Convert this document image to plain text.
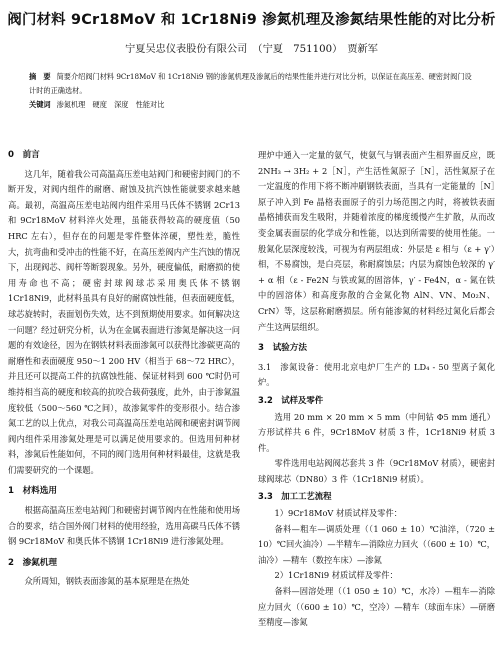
阀门材料 9Cr18MoV 和 1Cr18Ni9 渗氮机理及渗氮结果性能的对比分析
宁夏吴忠仪表股份有限公司　（宁夏　751100）　贾新军
摘　要 简要介绍阀门材料 9Cr18MoV 和 1Cr18Ni9 钢的渗氮机理及渗氮后的结果性能并进行对比分析，以保证在高压差、硬密封阀门设计时的正确选材。
关键词 渗氮机理　硬度　深度　性能对比
0　前言

这几年，随着我公司高温高压差电站阀门和硬密封阀门的不断开发，对阀内组件的耐磨、耐蚀及抗汽蚀性能就要求越来越高。最初，高温高压差电站阀内组件采用马氏体不锈钢 2Cr13 和 9Cr18MoV 材料淬火处理，虽能获得较高的硬度值（50 HRC 左右），但存在的问题是零件整体淬硬，塑性差，脆性大，抗弯曲和受冲击的性能不好，在高压差阀内产生汽蚀的情况下，出现阀芯、阀杆等断裂现象。另外，硬度偏低，耐磨损的使用寿命也不高；硬密封球阀球芯采用奥氏体不锈钢 1Cr18Ni9，此材料虽具有良好的耐腐蚀性能，但表面硬度低，球芯旋转时，表面划伤失效，达不到预期使用要求。如何解决这一问题？经过研究分析，认为在金属表面进行渗氮是解决这一问题的有效途径，因为在钢铁材料表面渗氮可以获得比渗碳更高的耐磨性和表面硬度 950～1 200 HV（相当于 68～72 HRC），并且还可以提高工件的抗腐蚀性能、保证材料到 600 ℃时仍可维持相当高的硬度和较高的抗咬合载荷强度，此外，由于渗氮温度较低（500～560 ℃之间），故渗氮零件的变形很小。结合渗氮工艺的以上优点，对我公司高温高压差电站阀和硬密封调节阀阀内组件采用渗氮处理是可以满足使用要求的。但选用何种材料，渗氮后性能如何，不同的阀门选用何种材料最佳，这就是我们需要研究的一个课题。

1　材料选用

根据高温高压差电站阀门和硬密封调节阀内在性能和使用场合的要求，结合国外阀门材料的使用经验，选用高碳马氏体不锈钢 9Cr18MoV 和奥氏体不锈钢 1Cr18Ni9 进行渗氮处理。

2　渗氮机理

众所周知，钢铁表面渗氮的基本原理是在热处

理炉中通入一定量的氨气，使氨气与钢表面产生相界面反应，既 2NH₃ → 3H₂ + 2［N］，产生活性氮原子［N］，活性氮原子在一定温度的作用下将不断冲刷钢铁表面，当具有一定能量的［N］原子冲入到 Fe 晶格表面原子的引力场范围之内时，将被铁表面晶格捕获而发生吸附，并随着浓度的梯度缓慢产生扩散，从而改变金属表面层的化学成分和性能，以达到所需要的使用性能。一般氮化层深度较浅，可视为有两层组成：外层是 ε 相与（ε + γ′）相，不易腐蚀，是白亮层，称耐腐蚀层；内层为腐蚀色较深的 γ′ + α 相（ε - Fe2N 与铁或氮的固溶体，γ′ - Fe4N，α - 氮在铁中的固溶体）和高度弥散的合金氮化物 AlN、VN、Mo₂N、CrN）等，这层称耐磨损层。所有能渗氮的材料经过氮化后都会产生这两层组织。

3　试验方法

3.1　渗氮设备：使用北京电炉厂生产的 LD₄ - 50 型离子氮化炉。

3.2　试样及零件

选用 20 mm × 20 mm × 5 mm（中间钻 Φ5 mm 通孔）方形试样共 6 件，9Cr18MoV 材质 3 件，1Cr18Ni9 材质 3 件。

零件选用电站阀阀芯套共 3 件（9Cr18MoV 材质），硬密封球阀球芯（DN80）3 件（1Cr18Ni9 材质）。

3.3　加工工艺流程

1）9Cr18MoV 材质试样及零件：

备料—粗车—调质处理（（1 060 ± 10）℃油淬，（720 ± 10）℃回火油冷）—半精车—消除应力回火（（600 ± 10）℃，油冷）—精车（数控车床）—渗氮

2）1Cr18Ni9 材质试样及零件：

备料—固溶处理（（1 050 ± 10）℃，水冷）—粗车—消除应力回火（（600 ± 10）℃，空冷）—精车（球面车床）—研磨至精度—渗氮
